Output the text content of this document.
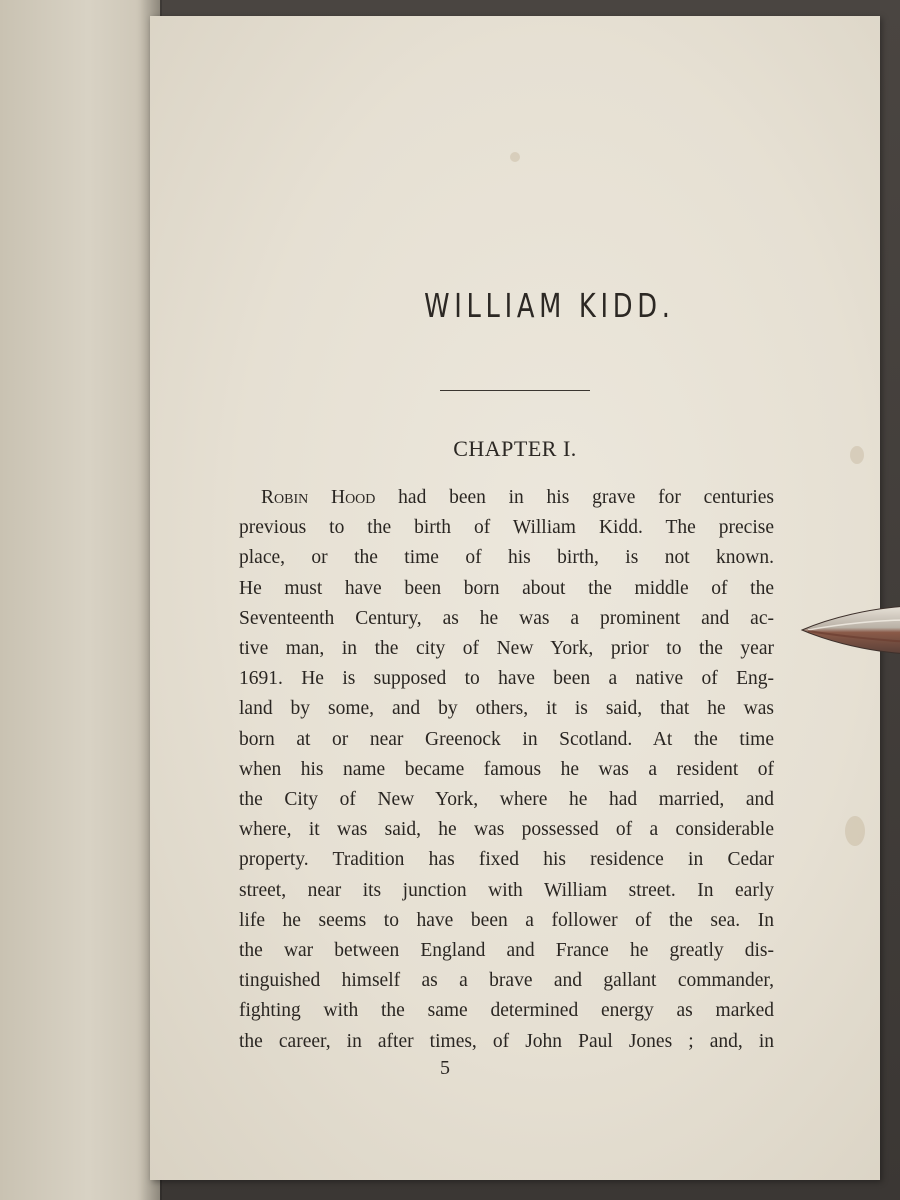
WILLIAM KIDD.
CHAPTER I.
Robin Hood had been in his grave for centuries
previous to the birth of William Kidd. The precise
place, or the time of his birth, is not known.
He must have been born about the middle of the
Seventeenth Century, as he was a prominent and ac-
tive man, in the city of New York, prior to the year
1691. He is supposed to have been a native of Eng-
land by some, and by others, it is said, that he was
born at or near Greenock in Scotland. At the time
when his name became famous he was a resident of
the City of New York, where he had married, and
where, it was said, he was possessed of a considerable
property. Tradition has fixed his residence in Cedar
street, near its junction with William street. In early
life he seems to have been a follower of the sea. In
the war between England and France he greatly dis-
tinguished himself as a brave and gallant commander,
fighting with the same determined energy as marked
the career, in after times, of John Paul Jones ; and, in
5
